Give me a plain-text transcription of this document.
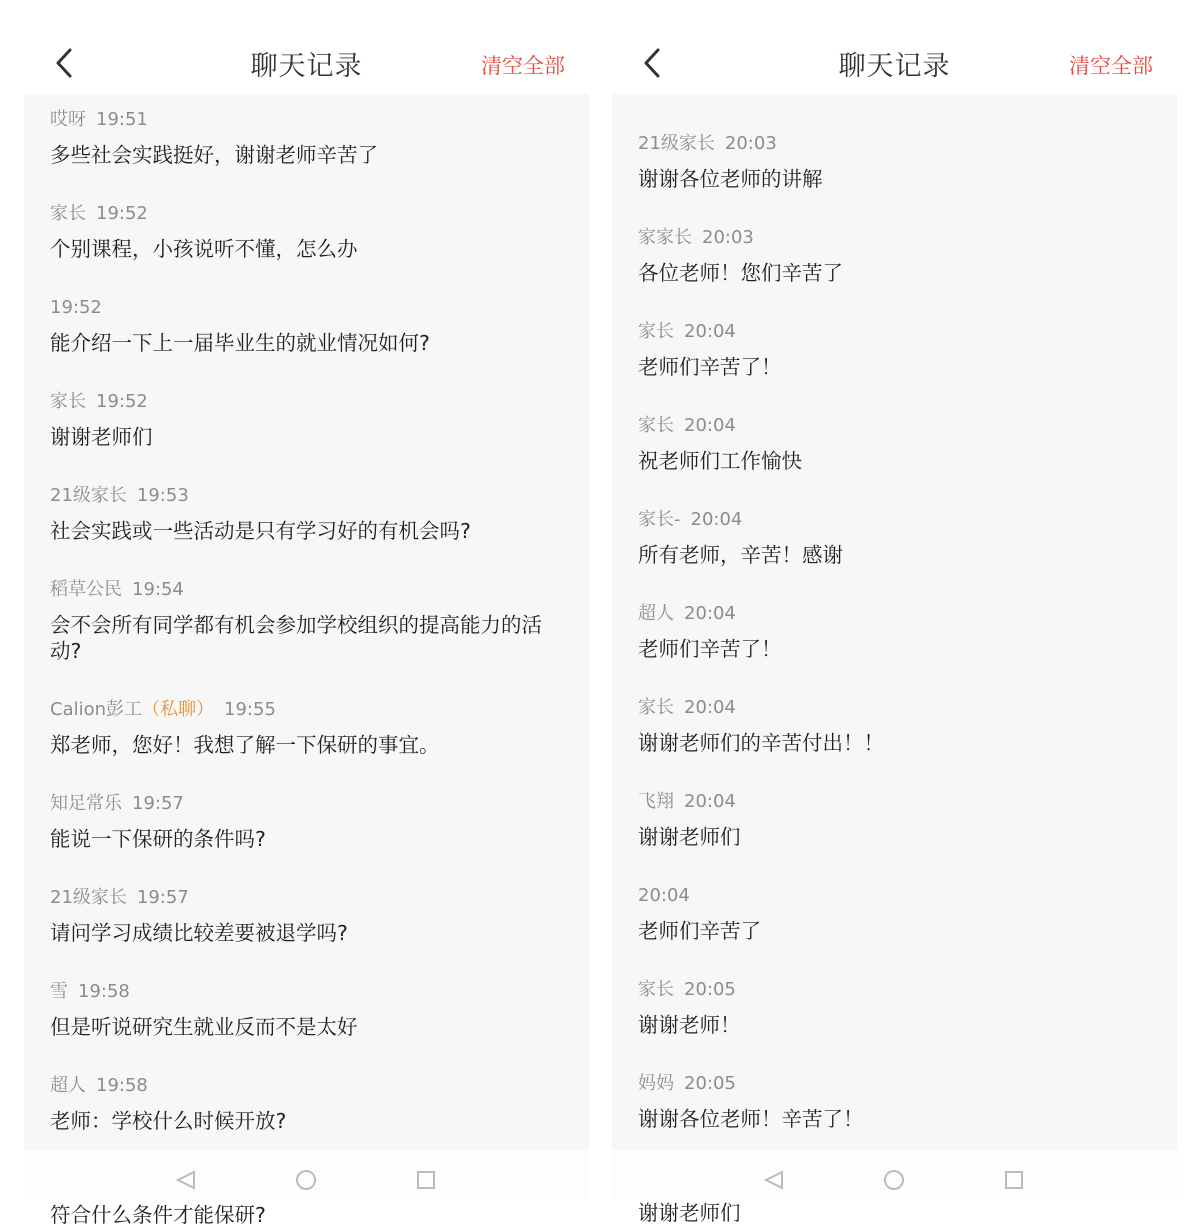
聊天记录	清空全部
哎呀 19:51
多些社会实践挺好，谢谢老师辛苦了
家长 19:52
个别课程，小孩说听不懂，怎么办
19:52
能介绍一下上一届毕业生的就业情况如何?
家长 19:52
谢谢老师们
21级家长 19:53
社会实践或一些活动是只有学习好的有机会吗?
稻草公民 19:54
会不会所有同学都有机会参加学校组织的提高能力的活动?
Calion彭工（私聊） 19:55
郑老师，您好！我想了解一下保研的事宜。
知足常乐 19:57
能说一下保研的条件吗?
21级家长 19:57
请问学习成绩比较差要被退学吗?
雪 19:58
但是听说研究生就业反而不是太好
超人 19:58
老师：学校什么时候开放?
符合什么条件才能保研?
聊天记录	清空全部
21级家长 20:03
谢谢各位老师的讲解
家家长 20:03
各位老师！您们辛苦了
家长 20:04
老师们辛苦了！
家长 20:04
祝老师们工作愉快
家长- 20:04
所有老师，辛苦！感谢
超人 20:04
老师们辛苦了！
家长 20:04
谢谢老师们的辛苦付出！！
飞翔 20:04
谢谢老师们
20:04
老师们辛苦了
家长 20:05
谢谢老师！
妈妈 20:05
谢谢各位老师！辛苦了！
谢谢老师们
